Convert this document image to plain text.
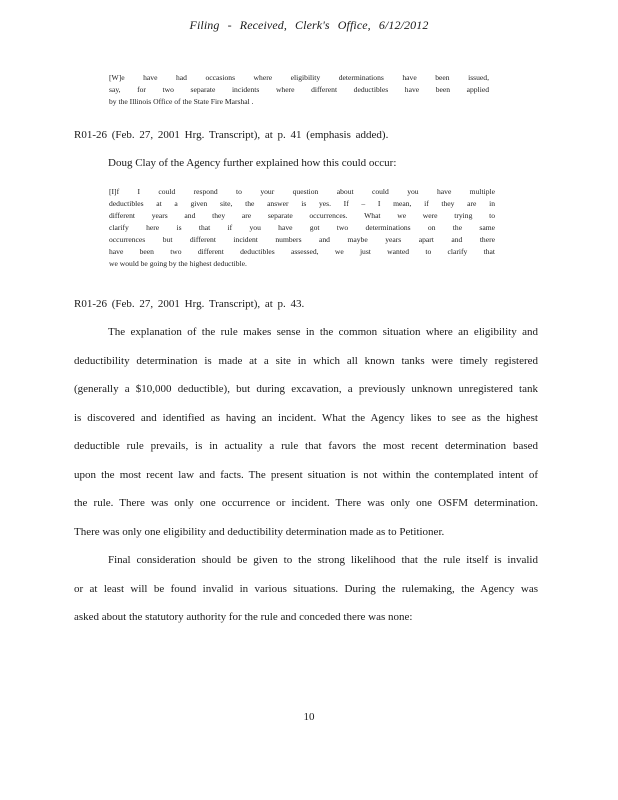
Filing - Received, Clerk's Office, 6/12/2012
[W]e have had occasions where eligibility determinations have been issued,
say, for two separate incidents where different deductibles have been applied
by the Illinois Office of the State Fire Marshal .
R01-26 (Feb. 27, 2001 Hrg. Transcript), at p. 41 (emphasis added).
Doug Clay of the Agency further explained how this could occur:
[I]f I could respond to your question about could you have multiple
deductibles at a given site, the answer is yes. If – I mean, if they are in
different years and they are separate occurrences. What we were trying to
clarify here is that if you have got two determinations on the same
occurrences but different incident numbers and maybe years apart and there
have been two different deductibles assessed, we just wanted to clarify that
we would be going by the highest deductible.
R01-26 (Feb. 27, 2001 Hrg. Transcript), at p. 43.
The explanation of the rule makes sense in the common situation where an eligibility and
deductibility determination is made at a site in which all known tanks were timely registered
(generally a $10,000 deductible), but during excavation, a previously unknown unregistered tank
is discovered and identified as having an incident. What the Agency likes to see as the highest
deductible rule prevails, is in actuality a rule that favors the most recent determination based
upon the most recent law and facts. The present situation is not within the contemplated intent of
the rule. There was only one occurrence or incident. There was only one OSFM determination.
There was only one eligibility and deductibility determination made as to Petitioner.
Final consideration should be given to the strong likelihood that the rule itself is invalid
or at least will be found invalid in various situations. During the rulemaking, the Agency was
asked about the statutory authority for the rule and conceded there was none:
10
